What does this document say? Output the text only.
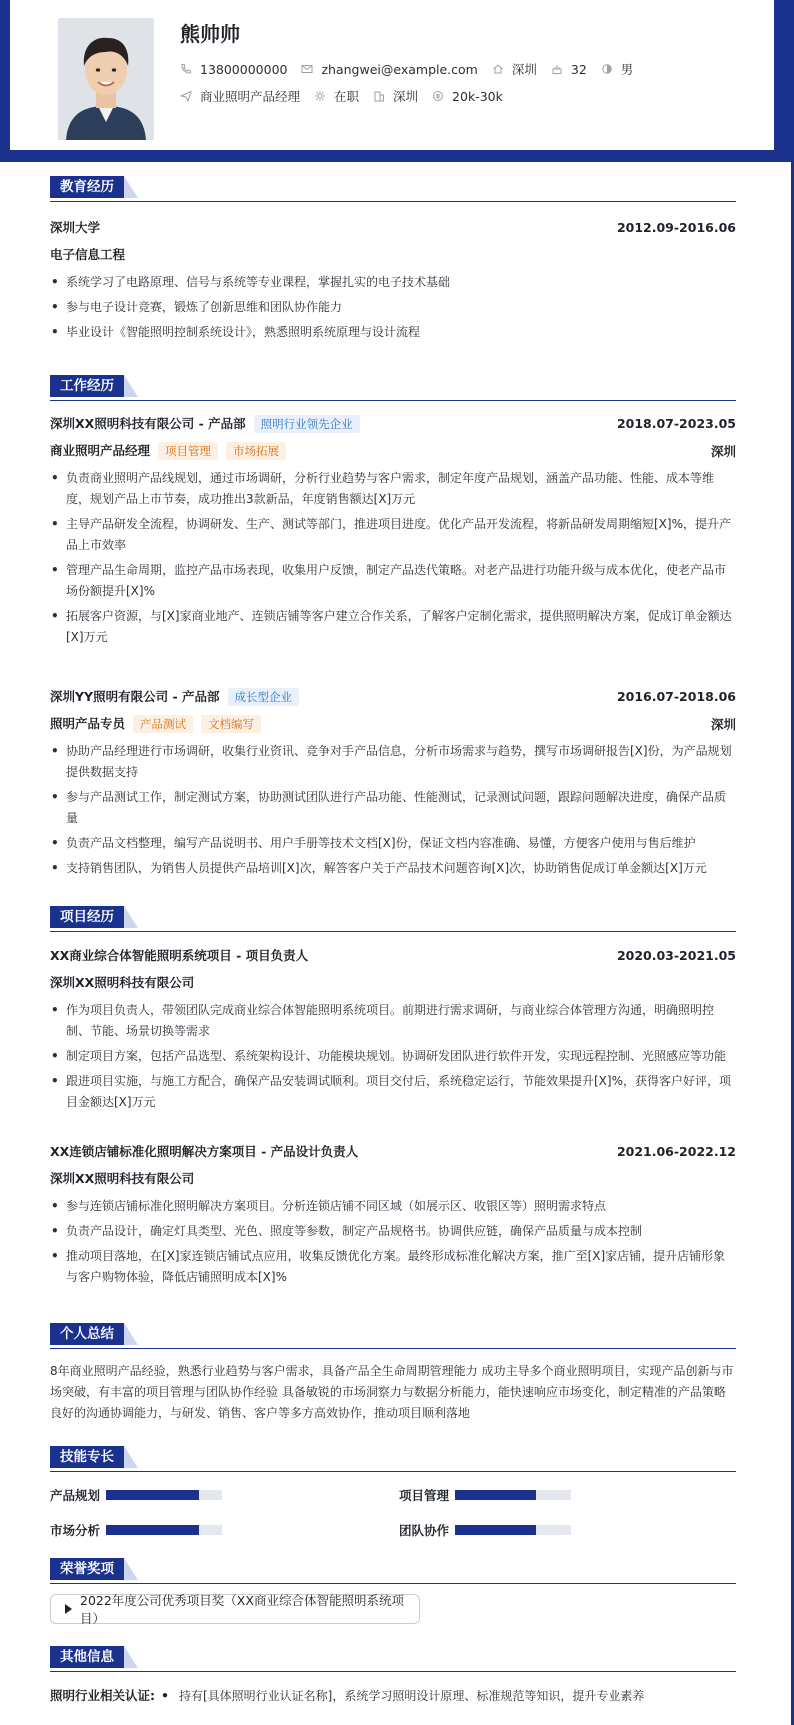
熊帅帅
13800000000	zhangwei@example.com	深圳	32	男
商业照明产品经理	在职	深圳	20k-30k
教育经历
深圳大学	2012.09-2016.06
电子信息工程
• 系统学习了电路原理、信号与系统等专业课程，掌握扎实的电子技术基础
• 参与电子设计竞赛，锻炼了创新思维和团队协作能力
• 毕业设计《智能照明控制系统设计》，熟悉照明系统原理与设计流程
工作经历
深圳XX照明科技有限公司 - 产品部 照明行业领先企业	2018.07-2023.05
商业照明产品经理 项目管理 市场拓展	深圳
• 负责商业照明产品线规划，通过市场调研，分析行业趋势与客户需求，制定年度产品规划，涵盖产品功能、性能、成本等维度，规划产品上市节奏，成功推出3款新品，年度销售额达[X]万元
• 主导产品研发全流程，协调研发、生产、测试等部门，推进项目进度。优化产品开发流程，将新品研发周期缩短[X]%，提升产品上市效率
• 管理产品生命周期，监控产品市场表现，收集用户反馈，制定产品迭代策略。对老产品进行功能升级与成本优化，使老产品市场份额提升[X]%
• 拓展客户资源，与[X]家商业地产、连锁店铺等客户建立合作关系，了解客户定制化需求，提供照明解决方案，促成订单金额达[X]万元
深圳YY照明有限公司 - 产品部 成长型企业	2016.07-2018.06
照明产品专员 产品测试 文档编写	深圳
• 协助产品经理进行市场调研，收集行业资讯、竞争对手产品信息，分析市场需求与趋势，撰写市场调研报告[X]份，为产品规划提供数据支持
• 参与产品测试工作，制定测试方案，协助测试团队进行产品功能、性能测试，记录测试问题，跟踪问题解决进度，确保产品质量
• 负责产品文档整理，编写产品说明书、用户手册等技术文档[X]份，保证文档内容准确、易懂，方便客户使用与售后维护
• 支持销售团队，为销售人员提供产品培训[X]次，解答客户关于产品技术问题咨询[X]次，协助销售促成订单金额达[X]万元
项目经历
XX商业综合体智能照明系统项目 - 项目负责人	2020.03-2021.05
深圳XX照明科技有限公司
• 作为项目负责人，带领团队完成商业综合体智能照明系统项目。前期进行需求调研，与商业综合体管理方沟通，明确照明控制、节能、场景切换等需求
• 制定项目方案，包括产品选型、系统架构设计、功能模块规划。协调研发团队进行软件开发，实现远程控制、光照感应等功能
• 跟进项目实施，与施工方配合，确保产品安装调试顺利。项目交付后，系统稳定运行，节能效果提升[X]%，获得客户好评，项目金额达[X]万元
XX连锁店铺标准化照明解决方案项目 - 产品设计负责人	2021.06-2022.12
深圳XX照明科技有限公司
• 参与连锁店铺标准化照明解决方案项目。分析连锁店铺不同区域（如展示区、收银区等）照明需求特点
• 负责产品设计，确定灯具类型、光色、照度等参数，制定产品规格书。协调供应链，确保产品质量与成本控制
• 推动项目落地，在[X]家连锁店铺试点应用，收集反馈优化方案。最终形成标准化解决方案，推广至[X]家店铺，提升店铺形象与客户购物体验，降低店铺照明成本[X]%
个人总结
8年商业照明产品经验，熟悉行业趋势与客户需求，具备产品全生命周期管理能力 成功主导多个商业照明项目，实现产品创新与市场突破，有丰富的项目管理与团队协作经验 具备敏锐的市场洞察力与数据分析能力，能快速响应市场变化，制定精准的产品策略 良好的沟通协调能力，与研发、销售、客户等多方高效协作，推动项目顺利落地
技能专长
产品规划	项目管理
市场分析	团队协作
荣誉奖项
2022年度公司优秀项目奖（XX商业综合体智能照明系统项目）
其他信息
照明行业相关认证: • 持有[具体照明行业认证名称]，系统学习照明设计原理、标准规范等知识，提升专业素养
